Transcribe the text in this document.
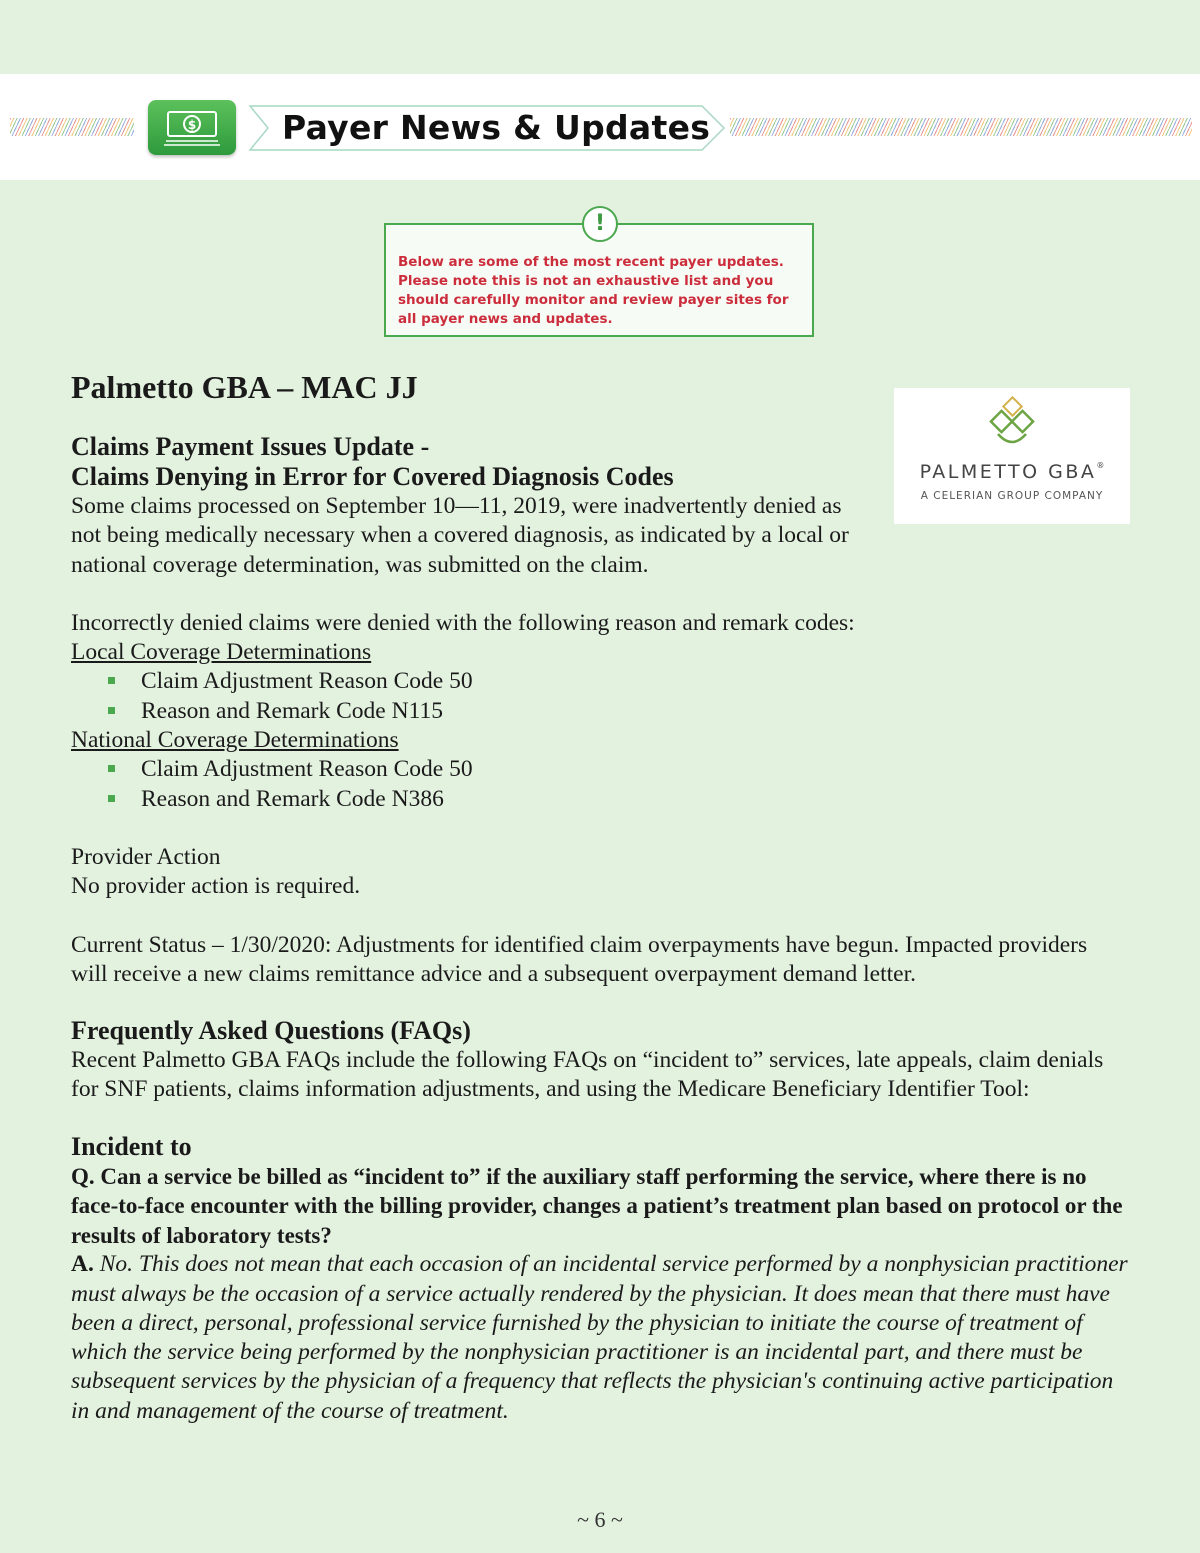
$	Payer News & Updates
!
Below are some of the most recent payer updates. Please note this is not an exhaustive list and you should carefully monitor and review payer sites for all payer news and updates.
PALMETTO GBA®
A CELERIAN GROUP COMPANY
Palmetto GBA – MAC JJ
Claims Payment Issues Update -
Claims Denying in Error for Covered Diagnosis Codes

Some claims processed on September 10—11, 2019, were inadvertently denied as not being medically necessary when a covered diagnosis, as indicated by a local or national coverage determination, was submitted on the claim.

Incorrectly denied claims were denied with the following reason and remark codes:

Local Coverage Determinations

Claim Adjustment Reason Code 50
Reason and Remark Code N115

National Coverage Determinations

Claim Adjustment Reason Code 50
Reason and Remark Code N386

Provider Action

No provider action is required.

Current Status – 1/30/2020: Adjustments for identified claim overpayments have begun. Impacted providers will receive a new claims remittance advice and a subsequent overpayment demand letter.

Frequently Asked Questions (FAQs)

Recent Palmetto GBA FAQs include the following FAQs on “incident to” services, late appeals, claim denials for SNF patients, claims information adjustments, and using the Medicare Beneficiary Identifier Tool:

Incident to

Q. Can a service be billed as “incident to” if the auxiliary staff performing the service, where there is no face-to-face encounter with the billing provider, changes a patient’s treatment plan based on protocol or the results of laboratory tests?

A. No. This does not mean that each occasion of an incidental service performed by a nonphysician practitioner must always be the occasion of a service actually rendered by the physician. It does mean that there must have been a direct, personal, professional service furnished by the physician to initiate the course of treatment of which the service being performed by the nonphysician practitioner is an incidental part, and there must be subsequent services by the physician of a frequency that reflects the physician's continuing active participation in and management of the course of treatment.

~ 6 ~
